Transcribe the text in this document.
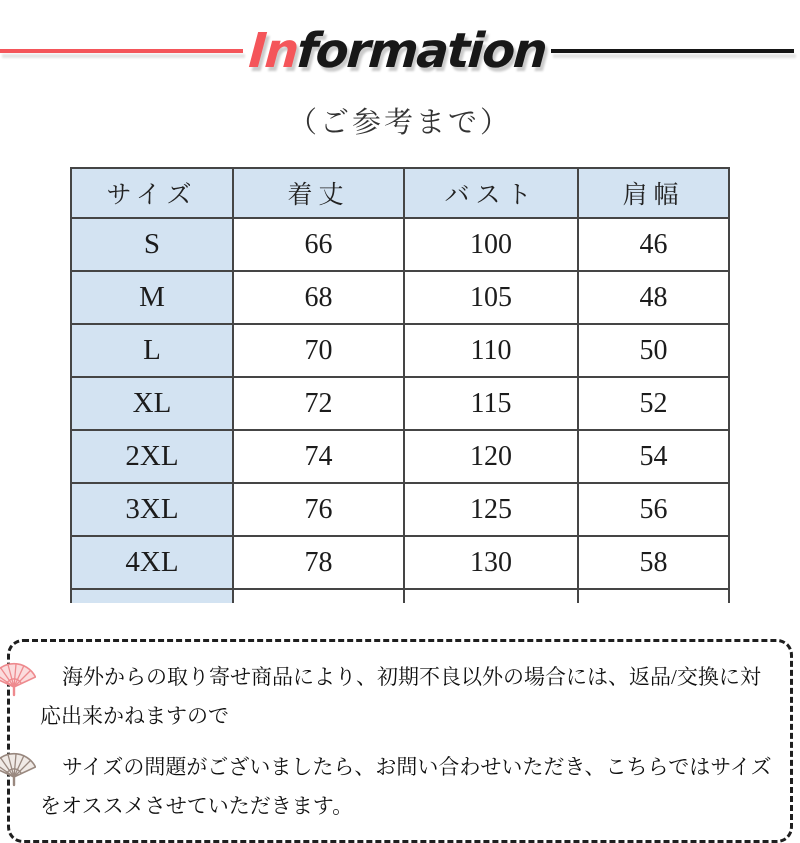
Information
（ご参考まで）
サイズ	着丈	バスト	肩幅
S	66	100	46
M	68	105	48
L	70	110	50
XL	72	115	52
2XL	74	120	54
3XL	76	125	56
4XL	78	130	58

海外からの取り寄せ商品により、初期不良以外の場合には、返品/交換に対応出来かねますので

サイズの問題がございましたら、お問い合わせいただき、こちらではサイズをオススメさせていただきます。
